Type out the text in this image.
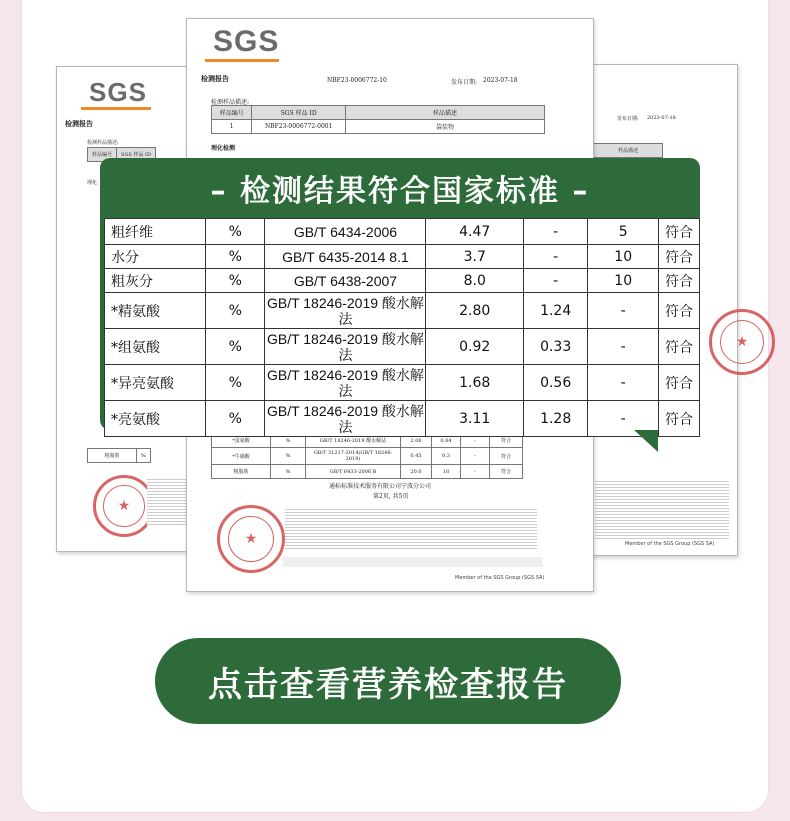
SGS
检测报告
检测样品描述:
样品编号	SGS 样品 ID
理化
粗脂肪	%
★
发布日期: 2023-07-18
样品描述
★
Member of the SGS Group (SGS SA)
SGS
检测报告	NBF23-0006772-10	发布日期: 2023-07-18
检测样品描述:
样品编号	SGS 样品 ID	样品描述
1	NBF23-0006772-0001	袋装物
理化检测
*蛋氨酸	%	GB/T 18246-2019 酸水解法	2.08	0.64	-	符合
*牛磺酸	%	GB/T 31217-2014(GB/T 18246-2019)	0.45	0.3	-	符合
粗脂肪	%	GB/T 6433-2006 B	20.0	18	-	符合
通标标准技术服务有限公司宁波分公司
第2页, 共5页
★
Member of the SGS Group (SGS SA)
– 检测结果符合国家标准 –
粗纤维	%	GB/T 6434-2006	4.47	-	5	符合
水分	%	GB/T 6435-2014 8.1	3.7	-	10	符合
粗灰分	%	GB/T 6438-2007	8.0	-	10	符合
*精氨酸	%	GB/T 18246-2019 酸水解
法	2.80	1.24	-	符合
*组氨酸	%	GB/T 18246-2019 酸水解
法	0.92	0.33	-	符合
*异亮氨酸	%	GB/T 18246-2019 酸水解
法	1.68	0.56	-	符合
*亮氨酸	%	GB/T 18246-2019 酸水解
法	3.11	1.28	-	符合
点击查看营养检查报告
